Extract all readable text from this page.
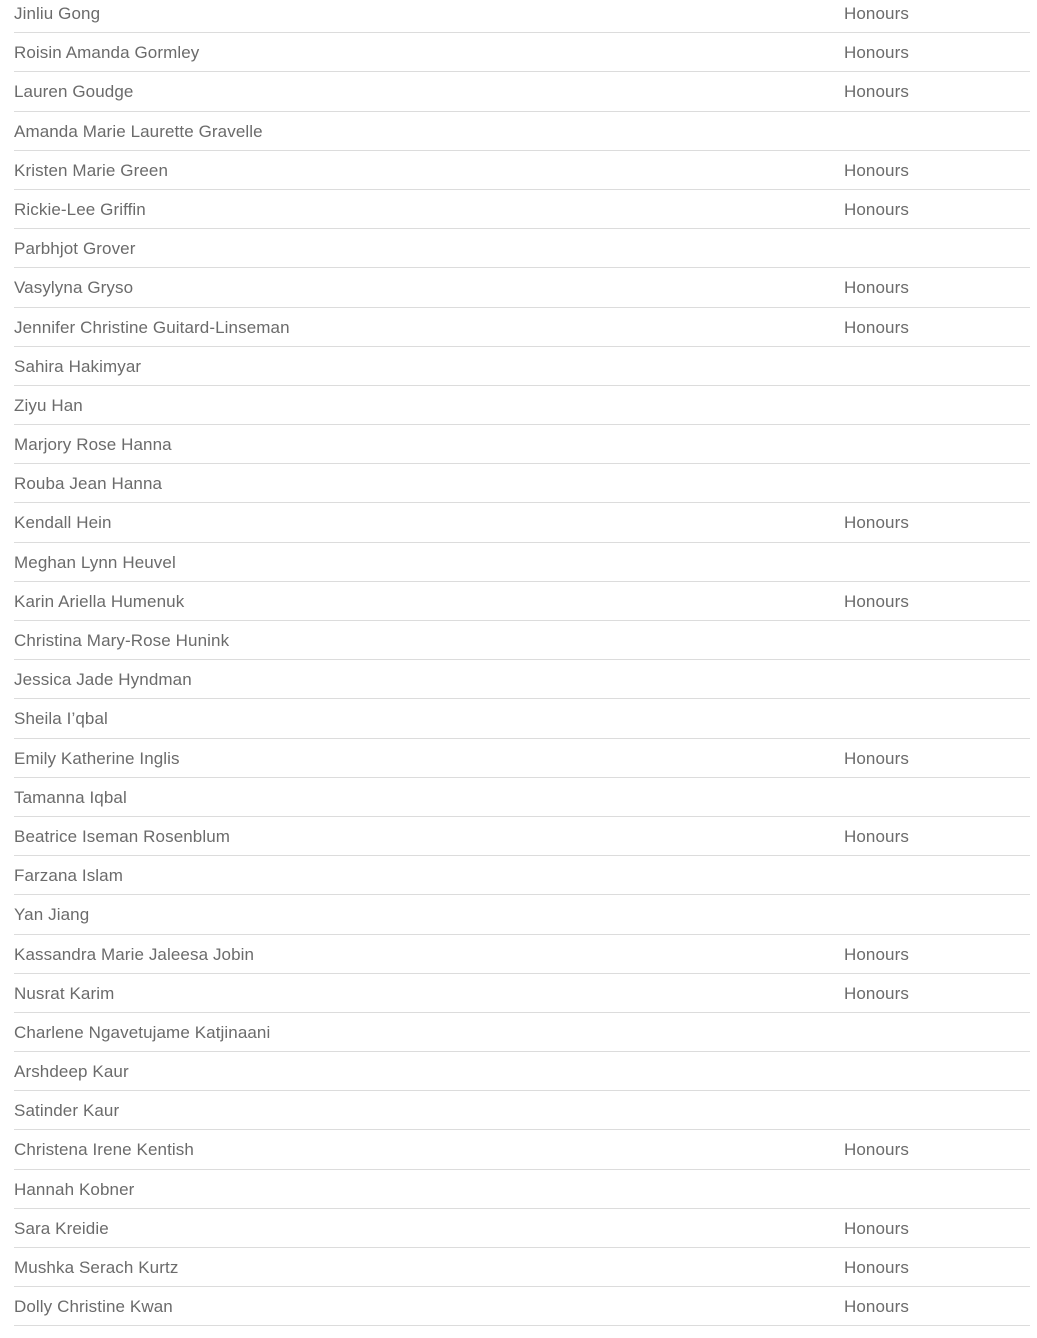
Jinliu Gong	Honours
Roisin Amanda Gormley	Honours
Lauren Goudge	Honours
Amanda Marie Laurette Gravelle
Kristen Marie Green	Honours
Rickie-Lee Griffin	Honours
Parbhjot Grover
Vasylyna Gryso	Honours
Jennifer Christine Guitard-Linseman	Honours
Sahira Hakimyar
Ziyu Han
Marjory Rose Hanna
Rouba Jean Hanna
Kendall Hein	Honours
Meghan Lynn Heuvel
Karin Ariella Humenuk	Honours
Christina Mary-Rose Hunink
Jessica Jade Hyndman
Sheila I’qbal
Emily Katherine Inglis	Honours
Tamanna Iqbal
Beatrice Iseman Rosenblum	Honours
Farzana Islam
Yan Jiang
Kassandra Marie Jaleesa Jobin	Honours
Nusrat Karim	Honours
Charlene Ngavetujame Katjinaani
Arshdeep Kaur
Satinder Kaur
Christena Irene Kentish	Honours
Hannah Kobner
Sara Kreidie	Honours
Mushka Serach Kurtz	Honours
Dolly Christine Kwan	Honours
